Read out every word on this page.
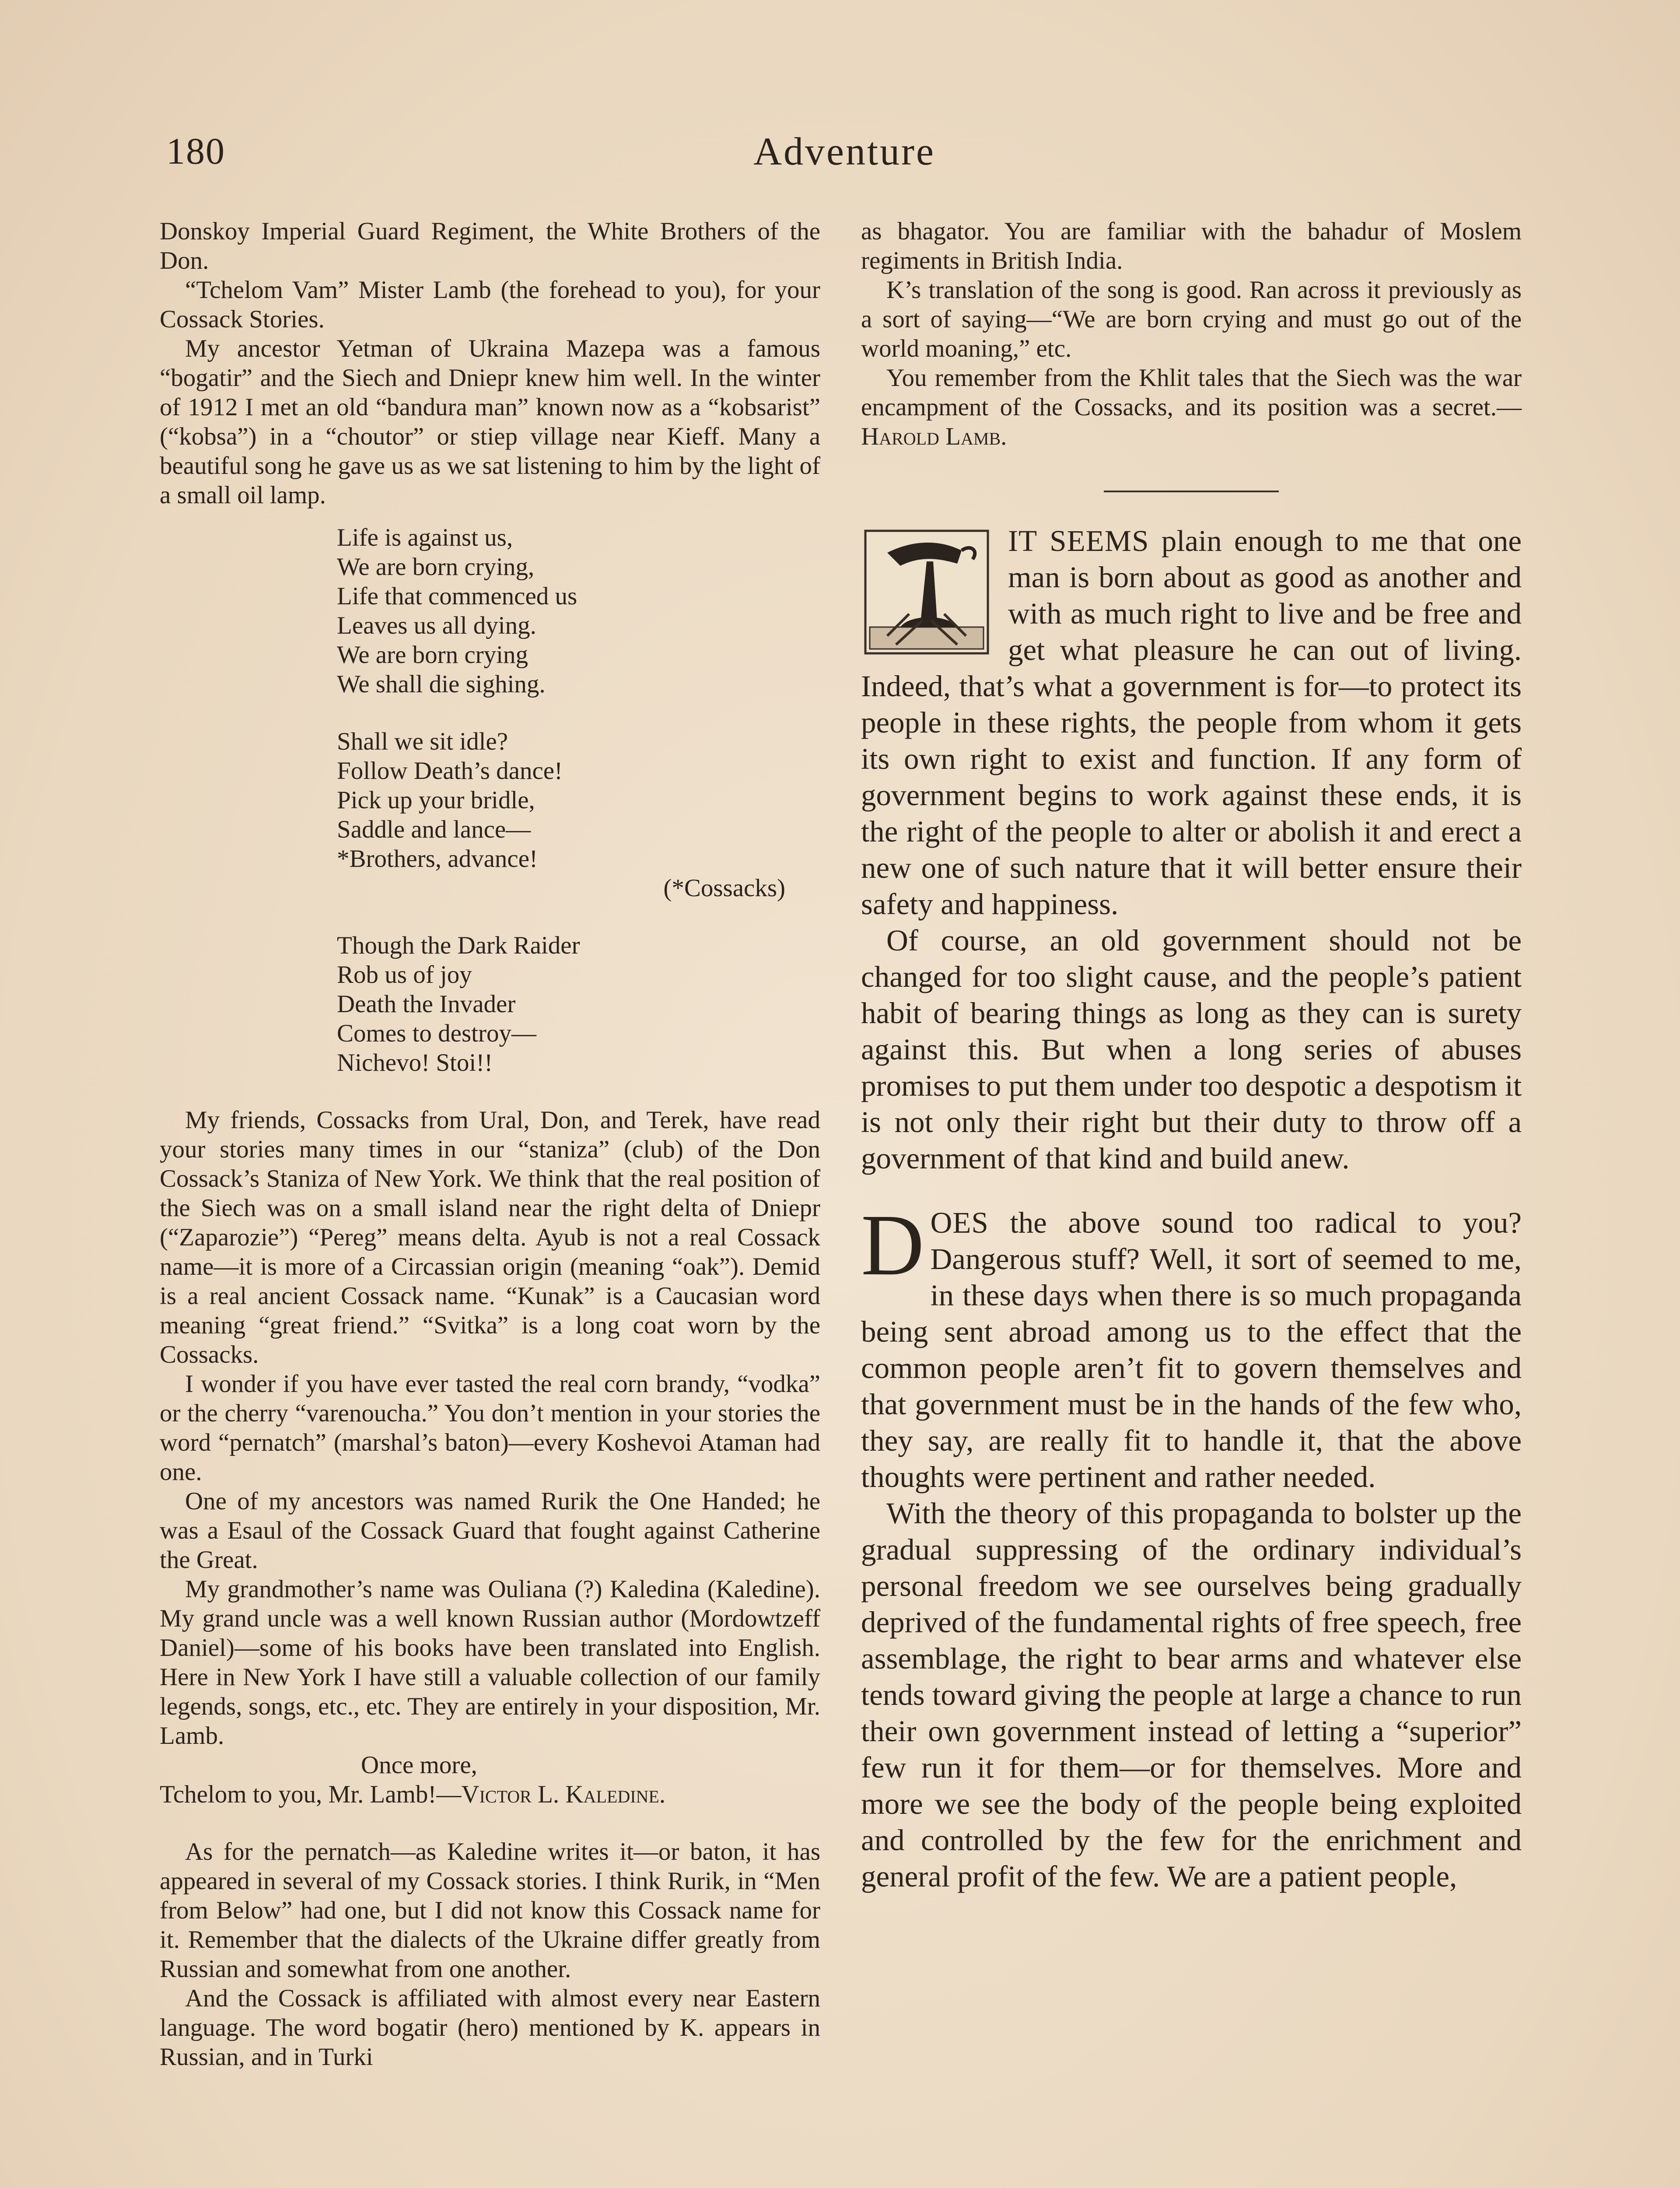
180	Adventure

Donskoy Imperial Guard Regiment, the White Brothers of the Don.

“Tchelom Vam” Mister Lamb (the forehead to you), for your Cossack Stories.

My ancestor Yetman of Ukraina Mazepa was a famous “bogatir” and the Siech and Dniepr knew him well. In the winter of 1912 I met an old “bandura man” known now as a “kobsarist” (“kobsa”) in a “choutor” or stiep village near Kieff. Many a beautiful song he gave us as we sat listening to him by the light of a small oil lamp.

Life is against us,
We are born crying,
Life that commenced us
Leaves us all dying.
We are born crying
We shall die sighing.
Shall we sit idle?
Follow Death’s dance!
Pick up your bridle,
Saddle and lance—
*Brothers, advance!
(*Cossacks)
Though the Dark Raider
Rob us of joy
Death the Invader
Comes to destroy—
Nichevo! Stoi!!

My friends, Cossacks from Ural, Don, and Terek, have read your stories many times in our “staniza” (club) of the Don Cossack’s Staniza of New York. We think that the real position of the Siech was on a small island near the right delta of Dniepr (“Zaparozie”) “Pereg” means delta. Ayub is not a real Cossack name—it is more of a Circassian origin (meaning “oak”). Demid is a real ancient Cossack name. “Kunak” is a Caucasian word meaning “great friend.” “Svitka” is a long coat worn by the Cossacks.

I wonder if you have ever tasted the real corn brandy, “vodka” or the cherry “varenoucha.” You don’t mention in your stories the word “pernatch” (marshal’s baton)—every Koshevoi Ataman had one.

One of my ancestors was named Rurik the One Handed; he was a Esaul of the Cossack Guard that fought against Catherine the Great.

My grandmother’s name was Ouliana (?) Kaledina (Kaledine). My grand uncle was a well known Russian author (Mordowtzeff Daniel)—some of his books have been translated into English. Here in New York I have still a valuable collection of our family legends, songs, etc., etc. They are entirely in your disposition, Mr. Lamb.

Once more,
Tchelom to you, Mr. Lamb!—Victor L. Kaledine.

As for the pernatch—as Kaledine writes it—or baton, it has appeared in several of my Cossack stories. I think Rurik, in “Men from Below” had one, but I did not know this Cossack name for it. Remember that the dialects of the Ukraine differ greatly from Russian and somewhat from one another.

And the Cossack is affiliated with almost every near Eastern language. The word bogatir (hero) mentioned by K. appears in Russian, and in Turki

as bhagator. You are familiar with the bahadur of Moslem regiments in British India.

K’s translation of the song is good. Ran across it previously as a sort of saying—“We are born crying and must go out of the world moaning,” etc.

You remember from the Khlit tales that the Siech was the war encampment of the Cossacks, and its position was a secret.—Harold Lamb.

IT SEEMS plain enough to me that one man is born about as good as another and with as much right to live and be free and get what pleasure he can out of living. Indeed, that’s what a government is for—to protect its people in these rights, the people from whom it gets its own right to exist and function. If any form of government begins to work against these ends, it is the right of the people to alter or abolish it and erect a new one of such nature that it will better ensure their safety and happiness.

Of course, an old government should not be changed for too slight cause, and the people’s patient habit of bearing things as long as they can is surety against this. But when a long series of abuses promises to put them under too despotic a despotism it is not only their right but their duty to throw off a government of that kind and build anew.

DOES the above sound too radical to you? Dangerous stuff? Well, it sort of seemed to me, in these days when there is so much propaganda being sent abroad among us to the effect that the common people aren’t fit to govern themselves and that government must be in the hands of the few who, they say, are really fit to handle it, that the above thoughts were pertinent and rather needed.

With the theory of this propaganda to bolster up the gradual suppressing of the ordinary individual’s personal freedom we see ourselves being gradually deprived of the fundamental rights of free speech, free assemblage, the right to bear arms and whatever else tends toward giving the people at large a chance to run their own government instead of letting a “superior” few run it for them—or for themselves. More and more we see the body of the people being exploited and controlled by the few for the enrichment and general profit of the few. We are a patient people,
